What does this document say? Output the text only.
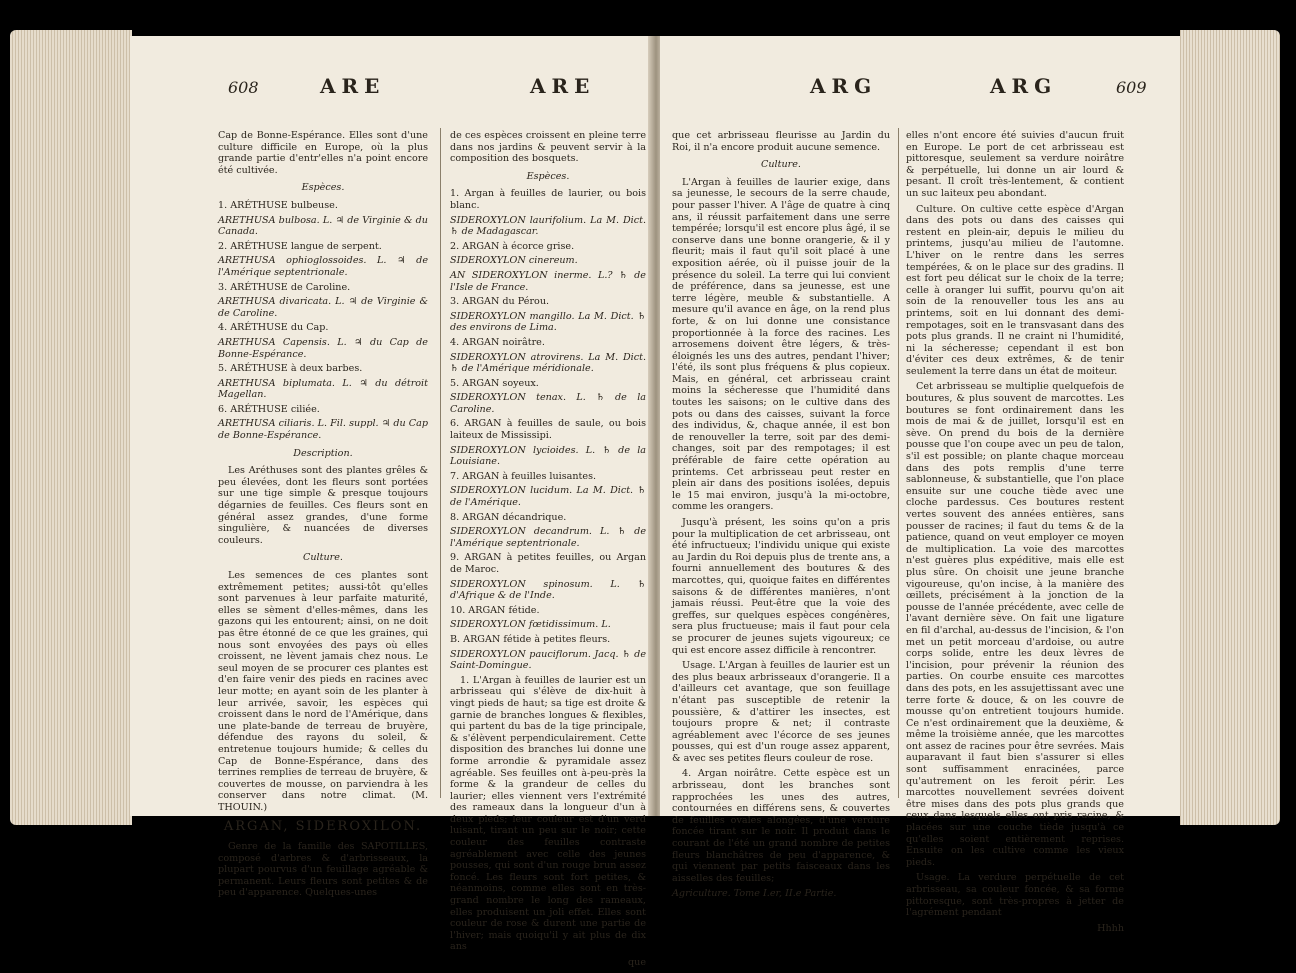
608	ARE	ARE

Cap de Bonne-Espérance. Elles sont d'une culture difficile en Europe, où la plus grande partie d'entr'elles n'a point encore été cultivée.

Espèces.

1. ARÉTHUSE bulbeuse.

ARETHUSA bulbosa. L. ♃ de Virginie & du Canada.

2. ARÉTHUSE langue de serpent.

ARETHUSA ophioglossoides. L. ♃ de l'Amérique septentrionale.

3. ARÉTHUSE de Caroline.

ARETHUSA divaricata. L. ♃ de Virginie & de Caroline.

4. ARÉTHUSE du Cap.

ARETHUSA Capensis. L. ♃ du Cap de Bonne-Espérance.

5. ARÉTHUSE à deux barbes.

ARETHUSA biplumata. L. ♃ du détroit Magellan.

6. ARÉTHUSE ciliée.

ARETHUSA ciliaris. L. Fil. suppl. ♃ du Cap de Bonne-Espérance.

Description.

Les Aréthuses sont des plantes grêles & peu élevées, dont les fleurs sont portées sur une tige simple & presque toujours dégarnies de feuilles. Ces fleurs sont en général assez grandes, d'une forme singulière, & nuancées de diverses couleurs.

Culture.

Les semences de ces plantes sont extrêmement petites; aussi-tôt qu'elles sont parvenues à leur parfaite maturité, elles se sèment d'elles-mêmes, dans les gazons qui les entourent; ainsi, on ne doit pas être étonné de ce que les graines, qui nous sont envoyées des pays où elles croissent, ne lèvent jamais chez nous. Le seul moyen de se procurer ces plantes est d'en faire venir des pieds en racines avec leur motte; en ayant soin de les planter à leur arrivée, savoir, les espèces qui croissent dans le nord de l'Amérique, dans une plate-bande de terreau de bruyère, défendue des rayons du soleil, & entretenue toujours humide; & celles du Cap de Bonne-Espérance, dans des terrines remplies de terreau de bruyère, & couvertes de mousse, on parviendra à les conserver dans notre climat. (M. THOUIN.)

ARGAN, SIDEROXILON.

Genre de la famille des SAPOTILLES, composé d'arbres & d'arbrisseaux, la plupart pourvus d'un feuillage agréable & permanent. Leurs fleurs sont petites & de peu d'apparence. Quelques-unes

de ces espèces croissent en pleine terre dans nos jardins & peuvent servir à la composition des bosquets.

Espèces.

1. Argan à feuilles de laurier, ou bois blanc.

SIDEROXYLON laurifolium. La M. Dict. ♄ de Madagascar.

2. ARGAN à écorce grise.

SIDEROXYLON cinereum.

AN SIDEROXYLON inerme. L.? ♄ de l'Isle de France.

3. ARGAN du Pérou.

SIDEROXYLON mangillo. La M. Dict. ♄ des environs de Lima.

4. ARGAN noirâtre.

SIDEROXYLON atrovirens. La M. Dict. ♄ de l'Amérique méridionale.

5. ARGAN soyeux.

SIDEROXYLON tenax. L. ♄ de la Caroline.

6. ARGAN à feuilles de saule, ou bois laiteux de Mississipi.

SIDEROXYLON lycioides. L. ♄ de la Louisiane.

7. ARGAN à feuilles luisantes.

SIDEROXYLON lucidum. La M. Dict. ♄ de l'Amérique.

8. ARGAN décandrique.

SIDEROXYLON decandrum. L. ♄ de l'Amérique septentrionale.

9. ARGAN à petites feuilles, ou Argan de Maroc.

SIDEROXYLON spinosum. L. ♄ d'Afrique & de l'Inde.

10. ARGAN fétide.

SIDEROXYLON fœtidissimum. L.

B. ARGAN fétide à petites fleurs.

SIDEROXYLON pauciflorum. Jacq. ♄ de Saint-Domingue.

1. L'Argan à feuilles de laurier est un arbrisseau qui s'élève de dix-huit à vingt pieds de haut; sa tige est droite & garnie de branches longues & flexibles, qui partent du bas de la tige principale, & s'élèvent perpendiculairement. Cette disposition des branches lui donne une forme arrondie & pyramidale assez agréable. Ses feuilles ont à-peu-près la forme & la grandeur de celles du laurier; elles viennent vers l'extrémité des rameaux dans la longueur d'un à deux pieds; leur couleur est d'un verd luisant, tirant un peu sur le noir; cette couleur des feuilles contraste agréablement avec celle des jeunes pousses, qui sont d'un rouge brun assez foncé. Les fleurs sont fort petites, & néanmoins, comme elles sont en très-grand nombre le long des rameaux, elles produisent un joli effet. Elles sont couleur de rose & durent une partie de l'hiver; mais quoiqu'il y ait plus de dix ans

que

ARG	ARG	609

que cet arbrisseau fleurisse au Jardin du Roi, il n'a encore produit aucune semence.

Culture.

L'Argan à feuilles de laurier exige, dans sa jeunesse, le secours de la serre chaude, pour passer l'hiver. A l'âge de quatre à cinq ans, il réussit parfaitement dans une serre tempérée; lorsqu'il est encore plus âgé, il se conserve dans une bonne orangerie, & il y fleurit; mais il faut qu'il soit placé à une exposition aérée, où il puisse jouir de la présence du soleil. La terre qui lui convient de préférence, dans sa jeunesse, est une terre légère, meuble & substantielle. A mesure qu'il avance en âge, on la rend plus forte, & on lui donne une consistance proportionnée à la force des racines. Les arrosemens doivent être légers, & très-éloignés les uns des autres, pendant l'hiver; l'été, ils sont plus fréquens & plus copieux. Mais, en général, cet arbrisseau craint moins la sécheresse que l'humidité dans toutes les saisons; on le cultive dans des pots ou dans des caisses, suivant la force des individus, &, chaque année, il est bon de renouveller la terre, soit par des demi-changes, soit par des rempotages; il est préférable de faire cette opération au printems. Cet arbrisseau peut rester en plein air dans des positions isolées, depuis le 15 mai environ, jusqu'à la mi-octobre, comme les orangers.

Jusqu'à présent, les soins qu'on a pris pour la multiplication de cet arbrisseau, ont été infructueux; l'individu unique qui existe au Jardin du Roi depuis plus de trente ans, a fourni annuellement des boutures & des marcottes, qui, quoique faites en différentes saisons & de différentes manières, n'ont jamais réussi. Peut-être que la voie des greffes, sur quelques espèces congénères, sera plus fructueuse; mais il faut pour cela se procurer de jeunes sujets vigoureux; ce qui est encore assez difficile à rencontrer.

Usage. L'Argan à feuilles de laurier est un des plus beaux arbrisseaux d'orangerie. Il a d'ailleurs cet avantage, que son feuillage n'étant pas susceptible de retenir la poussière, & d'attirer les insectes, est toujours propre & net; il contraste agréablement avec l'écorce de ses jeunes pousses, qui est d'un rouge assez apparent, & avec ses petites fleurs couleur de rose.

4. Argan noirâtre. Cette espèce est un arbrisseau, dont les branches sont rapprochées les unes des autres, contournées en différens sens, & couvertes de feuilles ovales alongées, d'une verdure foncée tirant sur le noir. Il produit dans le courant de l'été un grand nombre de petites fleurs blanchâtres de peu d'apparence, & qui viennent par petits faisceaux dans les aisselles des feuilles;

Agriculture. Tome I.er, II.e Partie.

elles n'ont encore été suivies d'aucun fruit en Europe. Le port de cet arbrisseau est pittoresque, seulement sa verdure noirâtre & perpétuelle, lui donne un air lourd & pesant. Il croît très-lentement, & contient un suc laiteux peu abondant.

Culture. On cultive cette espèce d'Argan dans des pots ou dans des caisses qui restent en plein-air, depuis le milieu du printems, jusqu'au milieu de l'automne. L'hiver on le rentre dans les serres tempérées, & on le place sur des gradins. Il est fort peu délicat sur le choix de la terre; celle à oranger lui suffit, pourvu qu'on ait soin de la renouveller tous les ans au printems, soit en lui donnant des demi-rempotages, soit en le transvasant dans des pots plus grands. Il ne craint ni l'humidité, ni la sécheresse; cependant il est bon d'éviter ces deux extrêmes, & de tenir seulement la terre dans un état de moiteur.

Cet arbrisseau se multiplie quelquefois de boutures, & plus souvent de marcottes. Les boutures se font ordinairement dans les mois de mai & de juillet, lorsqu'il est en sève. On prend du bois de la dernière pousse que l'on coupe avec un peu de talon, s'il est possible; on plante chaque morceau dans des pots remplis d'une terre sablonneuse, & substantielle, que l'on place ensuite sur une couche tiède avec une cloche pardessus. Ces boutures restent vertes souvent des années entières, sans pousser de racines; il faut du tems & de la patience, quand on veut employer ce moyen de multiplication. La voie des marcottes n'est guères plus expéditive, mais elle est plus sûre. On choisit une jeune branche vigoureuse, qu'on incise, à la manière des œillets, précisément à la jonction de la pousse de l'année précédente, avec celle de l'avant dernière sève. On fait une ligature en fil d'archal, au-dessus de l'incision, & l'on met un petit morceau d'ardoise, ou autre corps solide, entre les deux lèvres de l'incision, pour prévenir la réunion des parties. On courbe ensuite ces marcottes dans des pots, en les assujettissant avec une terre forte & douce, & on les couvre de mousse qu'on entretient toujours humide. Ce n'est ordinairement que la deuxième, & même la troisième année, que les marcottes ont assez de racines pour être sevrées. Mais auparavant il faut bien s'assurer si elles sont suffisamment enracinées, parce qu'autrement on les feroit périr. Les marcottes nouvellement sevrées doivent être mises dans des pots plus grands que ceux dans lesquels elles ont pris racine, & placées sur une couche tiède jusqu'à ce qu'elles soient entièrement reprises. Ensuite on les cultive comme les vieux pieds.

Usage. La verdure perpétuelle de cet arbrisseau, sa couleur foncée, & sa forme pittoresque, sont très-propres à jetter de l'agrément pendant

Hhhh
